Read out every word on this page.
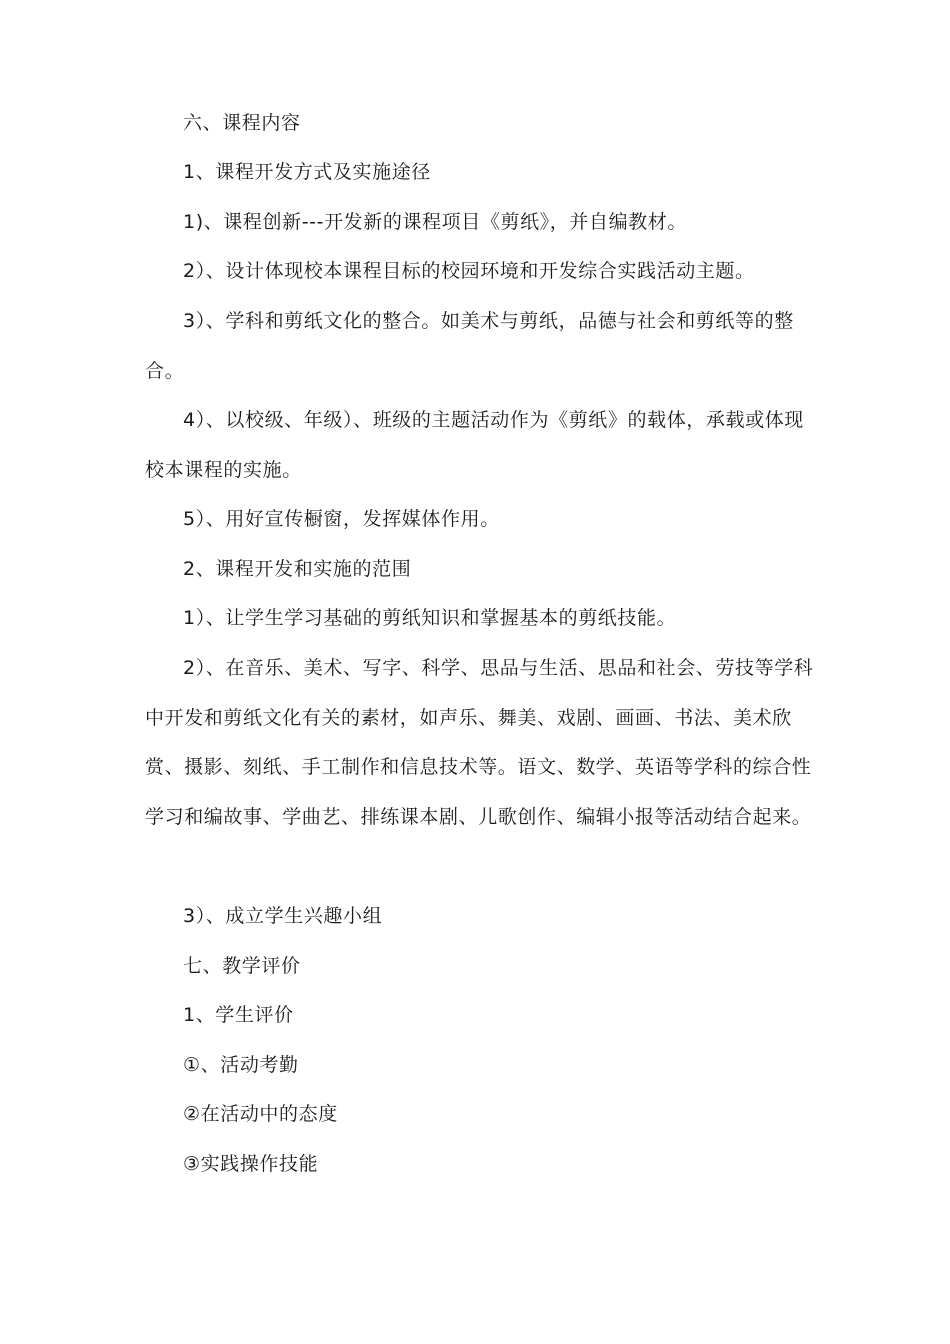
六、课程内容

1、课程开发方式及实施途径

1)、课程创新---开发新的课程项目《剪纸》，并自编教材。

2）、设计体现校本课程目标的校园环境和开发综合实践活动主题。

3）、学科和剪纸文化的整合。如美术与剪纸，品德与社会和剪纸等的整合。

4）、以校级、年级）、班级的主题活动作为《剪纸》的载体，承载或体现校本课程的实施。

5）、用好宣传橱窗，发挥媒体作用。

2、课程开发和实施的范围

1）、让学生学习基础的剪纸知识和掌握基本的剪纸技能。

2）、在音乐、美术、写字、科学、思品与生活、思品和社会、劳技等学科中开发和剪纸文化有关的素材，如声乐、舞美、戏剧、画画、书法、美术欣赏、摄影、刻纸、手工制作和信息技术等。语文、数学、英语等学科的综合性学习和编故事、学曲艺、排练课本剧、儿歌创作、编辑小报等活动结合起来。

3）、成立学生兴趣小组

七、教学评价

1、学生评价

①、活动考勤

②在活动中的态度

③实践操作技能
